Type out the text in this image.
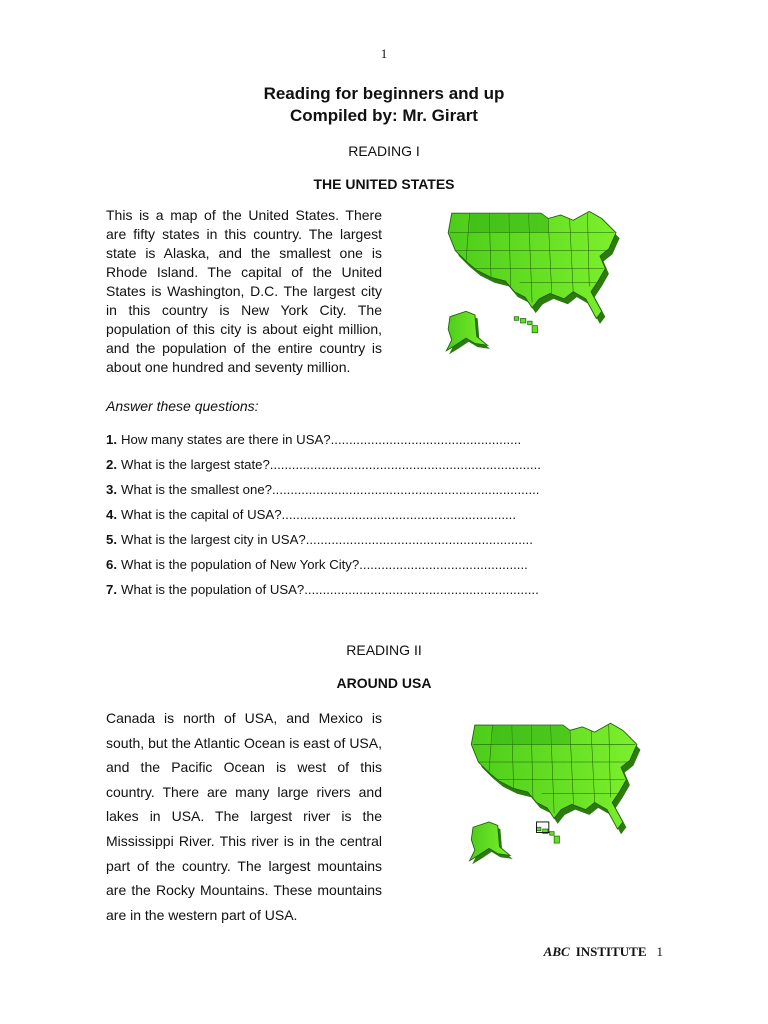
1
Reading for beginners and up
Compiled by: Mr. Girart
READING I
THE UNITED STATES
This is a map of the United States. There are fifty states in this country. The largest state is Alaska, and the smallest one is Rhode Island. The capital of the United States is Washington, D.C. The largest city in this country is New York City. The population of this city is about eight million, and the population of the entire country is about one hundred and seventy million.
Answer these questions:
1. How many states are there in USA?....................................................
2. What is the largest state?..........................................................................
3. What is the smallest one?.........................................................................
4. What is the capital of USA?................................................................
5. What is the largest city in USA?..............................................................
6. What is the population of New York City?..............................................
7. What is the population of USA?................................................................
READING II
AROUND USA
Canada is north of USA, and Mexico is south, but the Atlantic Ocean is east of USA, and the Pacific Ocean is west of this country. There are many large rivers and lakes in USA. The largest river is the Mississippi River. This river is in the central part of the country. The largest mountains are the Rocky Mountains. These mountains are in the western part of USA.
ABC INSTITUTE 1
